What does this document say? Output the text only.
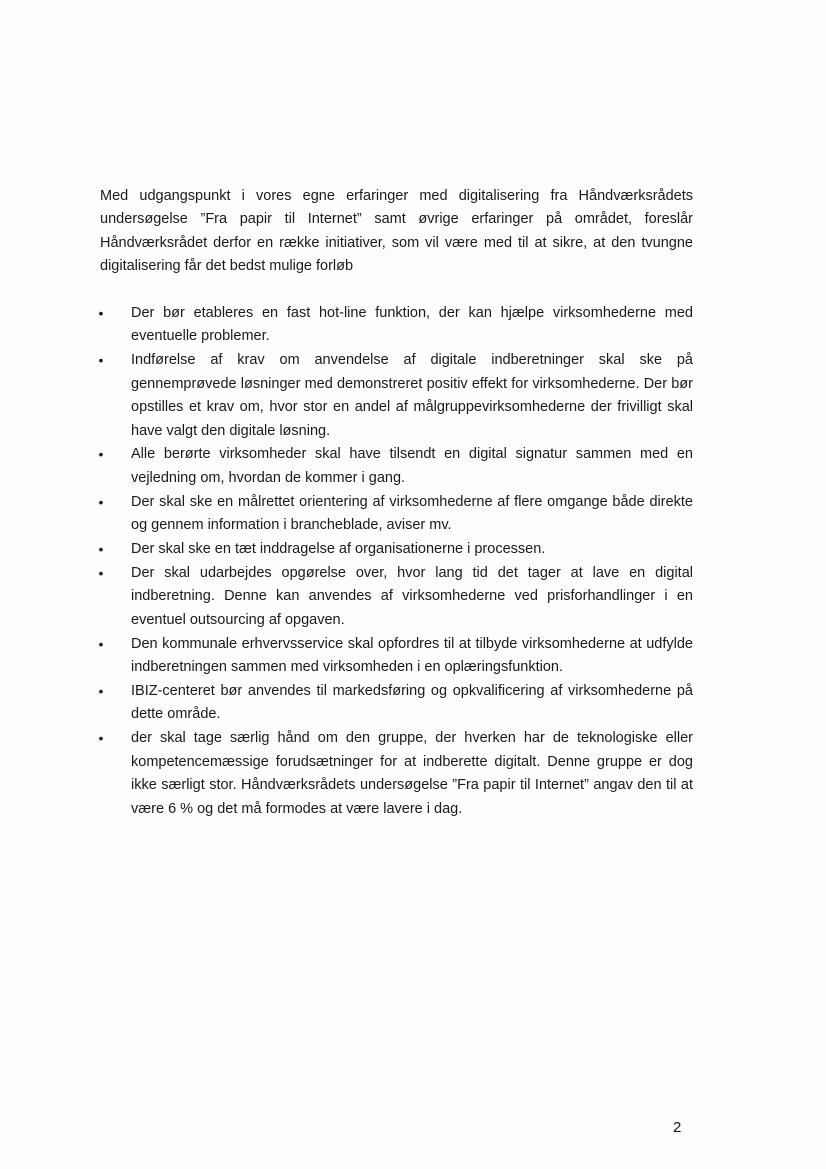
Med udgangspunkt i vores egne erfaringer med digitalisering fra Håndværksrådets undersøgelse ”Fra papir til Internet” samt øvrige erfaringer på området, foreslår Håndværksrådet derfor en række initiativer, som vil være med til at sikre, at den tvungne digitalisering får det bedst mulige forløb

• Der bør etableres en fast hot-line funktion, der kan hjælpe virksomhederne med eventuelle problemer.
• Indførelse af krav om anvendelse af digitale indberetninger skal ske på gennemprøvede løsninger med demonstreret positiv effekt for virksomhederne. Der bør opstilles et krav om, hvor stor en andel af målgruppevirksomhederne der frivilligt skal have valgt den digitale løsning.
• Alle berørte virksomheder skal have tilsendt en digital signatur sammen med en vejledning om, hvordan de kommer i gang.
• Der skal ske en målrettet orientering af virksomhederne af flere omgange både direkte og gennem information i brancheblade, aviser mv.
• Der skal ske en tæt inddragelse af organisationerne i processen.
• Der skal udarbejdes opgørelse over, hvor lang tid det tager at lave en digital indberetning. Denne kan anvendes af virksomhederne ved prisforhandlinger i en eventuel outsourcing af opgaven.
• Den kommunale erhvervsservice skal opfordres til at tilbyde virksomhederne at udfylde indberetningen sammen med virksomheden i en oplæringsfunktion.
• IBIZ-centeret bør anvendes til markedsføring og opkvalificering af virksomhederne på dette område.
• der skal tage særlig hånd om den gruppe, der hverken har de teknologiske eller kompetencemæssige forudsætninger for at indberette digitalt. Denne gruppe er dog ikke særligt stor. Håndværksrådets undersøgelse ”Fra papir til Internet” angav den til at være 6 % og det må formodes at være lavere i dag.
2
